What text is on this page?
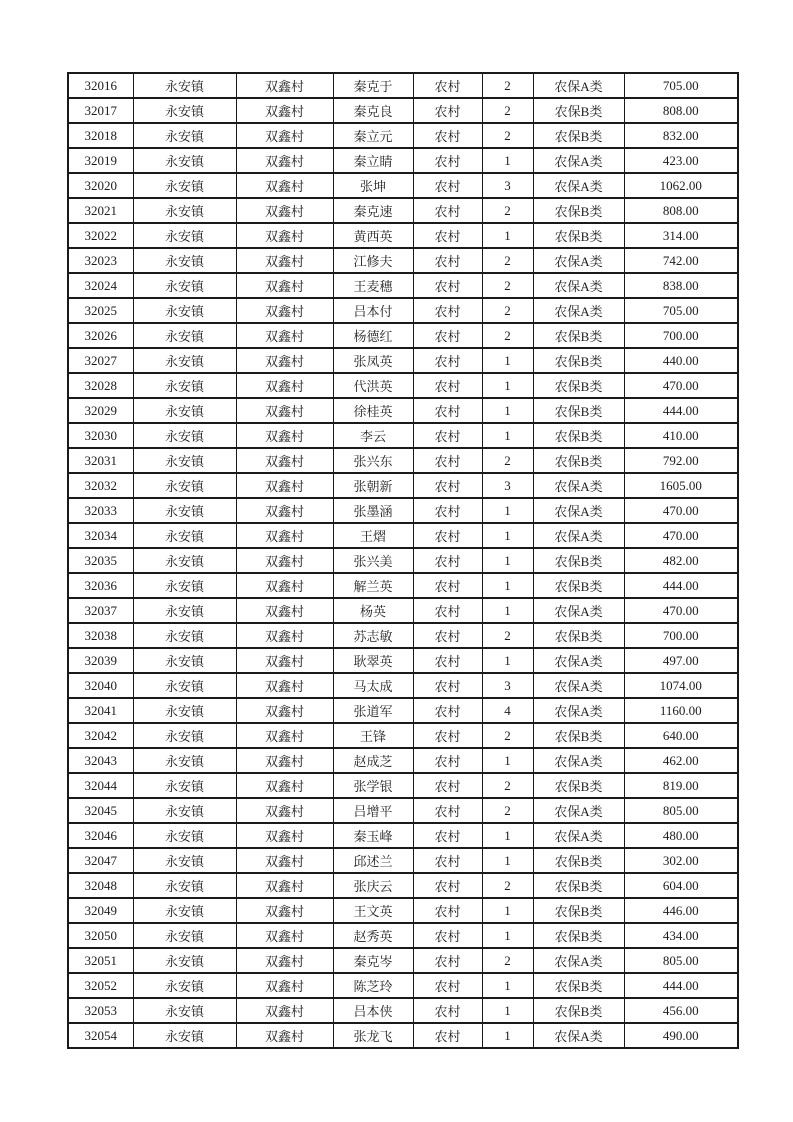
32016	永安镇	双鑫村	秦克于	农村	2	农保A类	705.00
32017	永安镇	双鑫村	秦克良	农村	2	农保B类	808.00
32018	永安镇	双鑫村	秦立元	农村	2	农保B类	832.00
32019	永安镇	双鑫村	秦立睛	农村	1	农保A类	423.00
32020	永安镇	双鑫村	张坤	农村	3	农保A类	1062.00
32021	永安镇	双鑫村	秦克速	农村	2	农保B类	808.00
32022	永安镇	双鑫村	黄西英	农村	1	农保B类	314.00
32023	永安镇	双鑫村	江修夫	农村	2	农保A类	742.00
32024	永安镇	双鑫村	王麦穗	农村	2	农保A类	838.00
32025	永安镇	双鑫村	吕本付	农村	2	农保A类	705.00
32026	永安镇	双鑫村	杨德红	农村	2	农保B类	700.00
32027	永安镇	双鑫村	张凤英	农村	1	农保B类	440.00
32028	永安镇	双鑫村	代洪英	农村	1	农保B类	470.00
32029	永安镇	双鑫村	徐桂英	农村	1	农保B类	444.00
32030	永安镇	双鑫村	李云	农村	1	农保B类	410.00
32031	永安镇	双鑫村	张兴东	农村	2	农保B类	792.00
32032	永安镇	双鑫村	张朝新	农村	3	农保A类	1605.00
32033	永安镇	双鑫村	张墨涵	农村	1	农保A类	470.00
32034	永安镇	双鑫村	王熠	农村	1	农保A类	470.00
32035	永安镇	双鑫村	张兴美	农村	1	农保B类	482.00
32036	永安镇	双鑫村	解兰英	农村	1	农保B类	444.00
32037	永安镇	双鑫村	杨英	农村	1	农保A类	470.00
32038	永安镇	双鑫村	苏志敏	农村	2	农保B类	700.00
32039	永安镇	双鑫村	耿翠英	农村	1	农保A类	497.00
32040	永安镇	双鑫村	马太成	农村	3	农保A类	1074.00
32041	永安镇	双鑫村	张道军	农村	4	农保A类	1160.00
32042	永安镇	双鑫村	王锋	农村	2	农保B类	640.00
32043	永安镇	双鑫村	赵成芝	农村	1	农保A类	462.00
32044	永安镇	双鑫村	张学银	农村	2	农保B类	819.00
32045	永安镇	双鑫村	吕增平	农村	2	农保A类	805.00
32046	永安镇	双鑫村	秦玉峰	农村	1	农保A类	480.00
32047	永安镇	双鑫村	邱述兰	农村	1	农保B类	302.00
32048	永安镇	双鑫村	张庆云	农村	2	农保B类	604.00
32049	永安镇	双鑫村	王文英	农村	1	农保B类	446.00
32050	永安镇	双鑫村	赵秀英	农村	1	农保B类	434.00
32051	永安镇	双鑫村	秦克岑	农村	2	农保A类	805.00
32052	永安镇	双鑫村	陈芝玲	农村	1	农保B类	444.00
32053	永安镇	双鑫村	吕本侠	农村	1	农保B类	456.00
32054	永安镇	双鑫村	张龙飞	农村	1	农保A类	490.00
